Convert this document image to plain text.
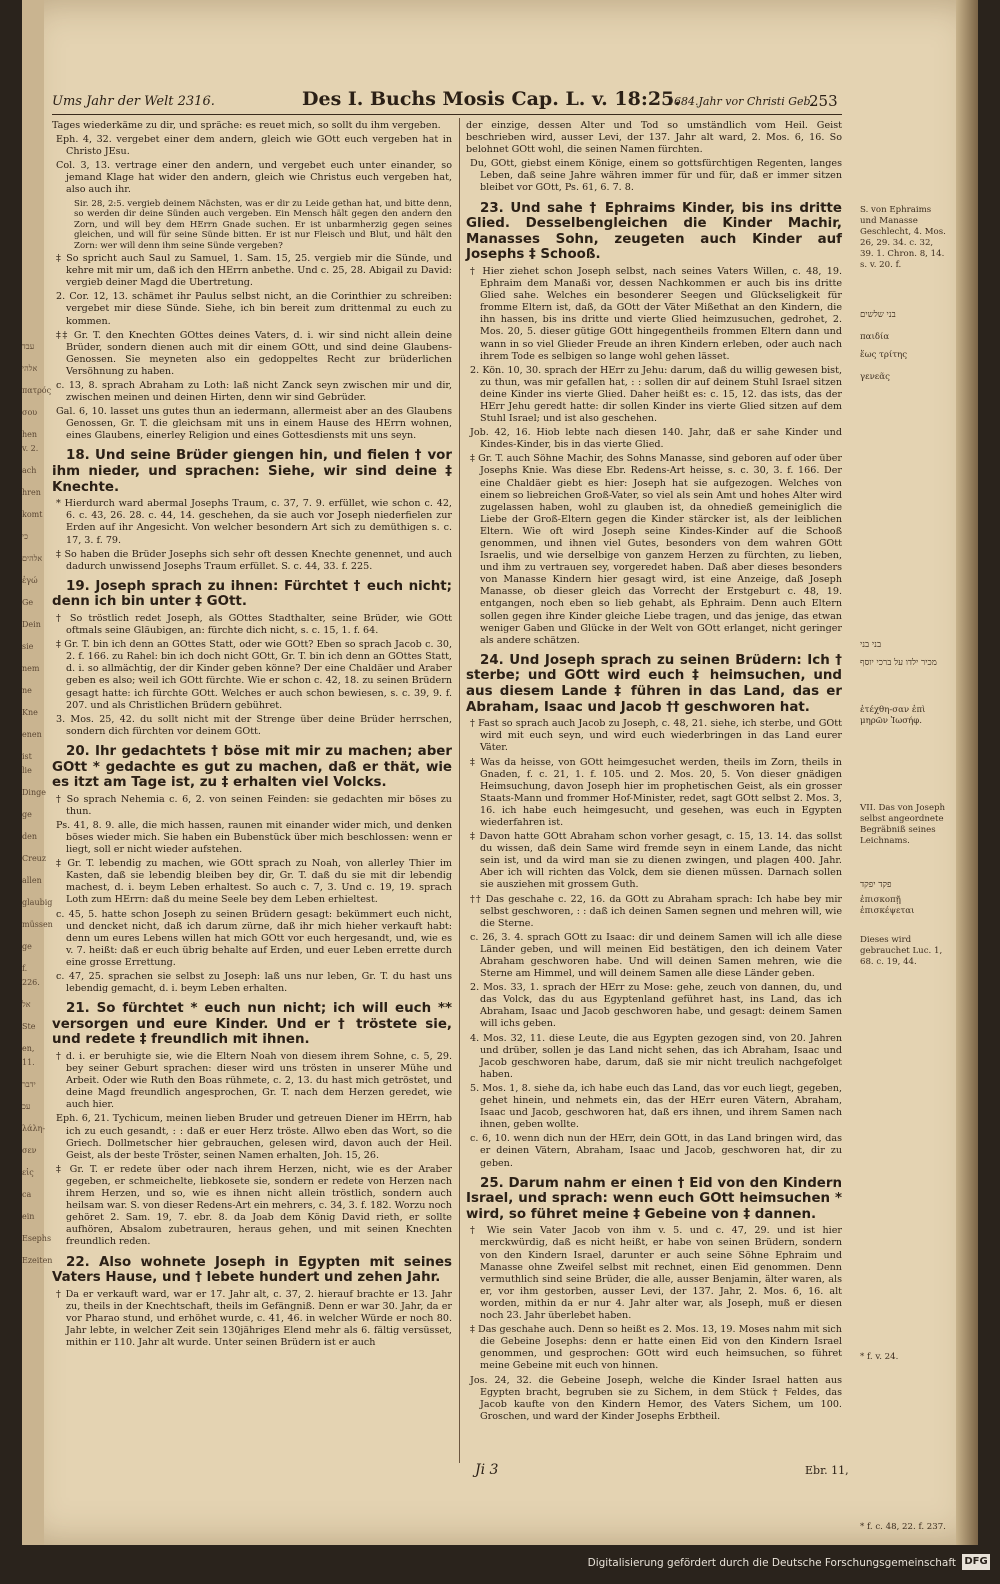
עבד
אלהי
πατρός
σου
hen v. 2.
ach
hren
komt
כי
אלהים
ἐγώ
Ge
Dein
sie
nem
ne
Kne
enen
ist lie
Dinge
ge
den
Creuz
allen
glaubig
müssen
ge
f. 226.
אל
Ste
en, 11.
ידבר
עכ
λάλη-
σεν
εἰς
ca
ein
Esephs
Ezeiten
Ums Jahr der Welt 2316.	Des I. Buchs Mosis Cap. L. v. 18:25.
1684.Jahr vor Christi Geb.
253

Tages wiederkäme zu dir, und spräche: es reuet mich, so sollt du ihm vergeben.

Eph. 4, 32. vergebet einer dem andern, gleich wie GOtt euch vergeben hat in Christo JEsu.

Col. 3, 13. vertrage einer den andern, und vergebet euch unter einander, so jemand Klage hat wider den andern, gleich wie Christus euch vergeben hat, also auch ihr.

Sir. 28, 2:5. vergieb deinem Nächsten, was er dir zu Leide gethan hat, und bitte denn, so werden dir deine Sünden auch vergeben. Ein Mensch hält gegen den andern den Zorn, und will bey dem HErrn Gnade suchen. Er ist unbarmherzig gegen seines gleichen, und will für seine Sünde bitten. Er ist nur Fleisch und Blut, und hält den Zorn: wer will denn ihm seine Sünde vergeben?

‡ So spricht auch Saul zu Samuel, 1. Sam. 15, 25. vergieb mir die Sünde, und kehre mit mir um, daß ich den HErrn anbethe. Und c. 25, 28. Abigail zu David: vergieb deiner Magd die Ubertretung.

2. Cor. 12, 13. schämet ihr Paulus selbst nicht, an die Corinthier zu schreiben: vergebet mir diese Sünde. Siehe, ich bin bereit zum drittenmal zu euch zu kommen.

‡‡ Gr. T. den Knechten GOttes deines Vaters, d. i. wir sind nicht allein deine Brüder, sondern dienen auch mit dir einem GOtt, und sind deine Glaubens-Genossen. Sie meyneten also ein gedoppeltes Recht zur brüderlichen Versöhnung zu haben.

c. 13, 8. sprach Abraham zu Loth: laß nicht Zanck seyn zwischen mir und dir, zwischen meinen und deinen Hirten, denn wir sind Gebrüder.

Gal. 6, 10. lasset uns gutes thun an iedermann, allermeist aber an des Glaubens Genossen, Gr. T. die gleichsam mit uns in einem Hause des HErrn wohnen, eines Glaubens, einerley Religion und eines Gottesdiensts mit uns seyn.

18. Und seine Brüder giengen hin, und fielen † vor ihm nieder, und sprachen: Siehe, wir sind deine ‡ Knechte.

* Hierdurch ward abermal Josephs Traum, c. 37, 7. 9. erfüllet, wie schon c. 42, 6. c. 43, 26. 28. c. 44, 14. geschehen, da sie auch vor Joseph niederfielen zur Erden auf ihr Angesicht. Von welcher besondern Art sich zu demüthigen s. c. 17, 3. f. 79.

‡ So haben die Brüder Josephs sich sehr oft dessen Knechte genennet, und auch dadurch unwissend Josephs Traum erfüllet. S. c. 44, 33. f. 225.

19. Joseph sprach zu ihnen: Fürchtet † euch nicht; denn ich bin unter ‡ GOtt.

† So tröstlich redet Joseph, als GOttes Stadthalter, seine Brüder, wie GOtt oftmals seine Gläubigen, an: fürchte dich nicht, s. c. 15, 1. f. 64.

‡ Gr. T. bin ich denn an GOttes Statt, oder wie GOtt? Eben so sprach Jacob c. 30, 2. f. 166. zu Rahel: bin ich doch nicht GOtt, Gr. T. bin ich denn an GOttes Statt, d. i. so allmächtig, der dir Kinder geben könne? Der eine Chaldäer und Araber geben es also; weil ich GOtt fürchte. Wie er schon c. 42, 18. zu seinen Brüdern gesagt hatte: ich fürchte GOtt. Welches er auch schon bewiesen, s. c. 39, 9. f. 207. und als Christlichen Brüdern gebühret.

3. Mos. 25, 42. du sollt nicht mit der Strenge über deine Brüder herrschen, sondern dich fürchten vor deinem GOtt.

20. Ihr gedachtets † böse mit mir zu machen; aber GOtt * gedachte es gut zu machen, daß er thät, wie es itzt am Tage ist, zu ‡ erhalten viel Volcks.

† So sprach Nehemia c. 6, 2. von seinen Feinden: sie gedachten mir böses zu thun.

Ps. 41, 8. 9. alle, die mich hassen, raunen mit einander wider mich, und denken böses wieder mich. Sie haben ein Bubenstück über mich beschlossen: wenn er liegt, soll er nicht wieder aufstehen.

‡ Gr. T. lebendig zu machen, wie GOtt sprach zu Noah, von allerley Thier im Kasten, daß sie lebendig bleiben bey dir, Gr. T. daß du sie mit dir lebendig machest, d. i. beym Leben erhaltest. So auch c. 7, 3. Und c. 19, 19. sprach Loth zum HErrn: daß du meine Seele bey dem Leben erhieltest.

c. 45, 5. hatte schon Joseph zu seinen Brüdern gesagt: bekümmert euch nicht, und dencket nicht, daß ich darum zürne, daß ihr mich hieher verkauft habt: denn um eures Lebens willen hat mich GOtt vor euch hergesandt, und, wie es v. 7. heißt: daß er euch übrig behalte auf Erden, und euer Leben errette durch eine grosse Errettung.

c. 47, 25. sprachen sie selbst zu Joseph: laß uns nur leben, Gr. T. du hast uns lebendig gemacht, d. i. beym Leben erhalten.

21. So fürchtet * euch nun nicht; ich will euch ** versorgen und eure Kinder. Und er † tröstete sie, und redete ‡ freundlich mit ihnen.

† d. i. er beruhigte sie, wie die Eltern Noah von diesem ihrem Sohne, c. 5, 29. bey seiner Geburt sprachen: dieser wird uns trösten in unserer Mühe und Arbeit. Oder wie Ruth den Boas rühmete, c. 2, 13. du hast mich getröstet, und deine Magd freundlich angesprochen, Gr. T. nach dem Herzen geredet, wie auch hier.

Eph. 6, 21. Tychicum, meinen lieben Bruder und getreuen Diener im HErrn, hab ich zu euch gesandt, : : daß er euer Herz tröste. Allwo eben das Wort, so die Griech. Dollmetscher hier gebrauchen, gelesen wird, davon auch der Heil. Geist, als der beste Tröster, seinen Namen erhalten, Joh. 15, 26.

‡ Gr. T. er redete über oder nach ihrem Herzen, nicht, wie es der Araber gegeben, er schmeichelte, liebkosete sie, sondern er redete von Herzen nach ihrem Herzen, und so, wie es ihnen nicht allein tröstlich, sondern auch heilsam war. S. von dieser Redens-Art ein mehrers, c. 34, 3. f. 182. Worzu noch gehöret 2. Sam. 19, 7. ebr. 8. da Joab dem König David rieth, er sollte aufhören, Absalom zubetrauren, heraus gehen, und mit seinen Knechten freundlich reden.

22. Also wohnete Joseph in Egypten mit seines Vaters Hause, und † lebete hundert und zehen Jahr.

† Da er verkauft ward, war er 17. Jahr alt, c. 37, 2. hierauf brachte er 13. Jahr zu, theils in der Knechtschaft, theils im Gefängniß. Denn er war 30. Jahr, da er vor Pharao stund, und erhöhet wurde, c. 41, 46. in welcher Würde er noch 80. Jahr lebte, in welcher Zeit sein 130jähriges Elend mehr als 6. fältig versüsset, mithin er 110. Jahr alt wurde. Unter seinen Brüdern ist er auch

der einzige, dessen Alter und Tod so umständlich vom Heil. Geist beschrieben wird, ausser Levi, der 137. Jahr alt ward, 2. Mos. 6, 16. So belohnet GOtt wohl, die seinen Namen fürchten.

Du, GOtt, giebst einem Könige, einem so gottsfürchtigen Regenten, langes Leben, daß seine Jahre währen immer für und für, daß er immer sitzen bleibet vor GOtt, Ps. 61, 6. 7. 8.

23. Und sahe † Ephraims Kinder, bis ins dritte Glied. Desselbengleichen die Kinder Machir, Manasses Sohn, zeugeten auch Kinder auf Josephs ‡ Schooß.

† Hier ziehet schon Joseph selbst, nach seines Vaters Willen, c. 48, 19. Ephraim dem Manaßi vor, dessen Nachkommen er auch bis ins dritte Glied sahe. Welches ein besonderer Seegen und Glückseligkeit für fromme Eltern ist, daß, da GOtt der Väter Mißethat an den Kindern, die ihn hassen, bis ins dritte und vierte Glied heimzusuchen, gedrohet, 2. Mos. 20, 5. dieser gütige GOtt hingegentheils frommen Eltern dann und wann in so viel Glieder Freude an ihren Kindern erleben, oder auch nach ihrem Tode es selbigen so lange wohl gehen lässet.

2. Kön. 10, 30. sprach der HErr zu Jehu: darum, daß du willig gewesen bist, zu thun, was mir gefallen hat, : : sollen dir auf deinem Stuhl Israel sitzen deine Kinder ins vierte Glied. Daher heißt es: c. 15, 12. das ists, das der HErr Jehu geredt hatte: dir sollen Kinder ins vierte Glied sitzen auf dem Stuhl Israel; und ist also geschehen.

Job. 42, 16. Hiob lebte nach diesen 140. Jahr, daß er sahe Kinder und Kindes-Kinder, bis in das vierte Glied.

‡ Gr. T. auch Söhne Machir, des Sohns Manasse, sind geboren auf oder über Josephs Knie. Was diese Ebr. Redens-Art heisse, s. c. 30, 3. f. 166. Der eine Chaldäer giebt es hier: Joseph hat sie aufgezogen. Welches von einem so liebreichen Groß-Vater, so viel als sein Amt und hohes Alter wird zugelassen haben, wohl zu glauben ist, da ohnedieß gemeiniglich die Liebe der Groß-Eltern gegen die Kinder stärcker ist, als der leiblichen Eltern. Wie oft wird Joseph seine Kindes-Kinder auf die Schooß genommen, und ihnen viel Gutes, besonders von dem wahren GOtt Israelis, und wie derselbige von ganzem Herzen zu fürchten, zu lieben, und ihm zu vertrauen sey, vorgeredet haben. Daß aber dieses besonders von Manasse Kindern hier gesagt wird, ist eine Anzeige, daß Joseph Manasse, ob dieser gleich das Vorrecht der Erstgeburt c. 48, 19. entgangen, noch eben so lieb gehabt, als Ephraim. Denn auch Eltern sollen gegen ihre Kinder gleiche Liebe tragen, und das jenige, das etwan weniger Gaben und Glücke in der Welt von GOtt erlanget, nicht geringer als andere schätzen.

24. Und Joseph sprach zu seinen Brüdern: Ich † sterbe; und GOtt wird euch ‡ heimsuchen, und aus diesem Lande ‡ führen in das Land, das er Abraham, Isaac und Jacob †† geschworen hat.

† Fast so sprach auch Jacob zu Joseph, c. 48, 21. siehe, ich sterbe, und GOtt wird mit euch seyn, und wird euch wiederbringen in das Land eurer Väter.

‡ Was da heisse, von GOtt heimgesuchet werden, theils im Zorn, theils in Gnaden, f. c. 21, 1. f. 105. und 2. Mos. 20, 5. Von dieser gnädigen Heimsuchung, davon Joseph hier im prophetischen Geist, als ein grosser Staats-Mann und frommer Hof-Minister, redet, sagt GOtt selbst 2. Mos. 3, 16. ich habe euch heimgesucht, und gesehen, was euch in Egypten wiederfahren ist.

‡ Davon hatte GOtt Abraham schon vorher gesagt, c. 15, 13. 14. das sollst du wissen, daß dein Same wird fremde seyn in einem Lande, das nicht sein ist, und da wird man sie zu dienen zwingen, und plagen 400. Jahr. Aber ich will richten das Volck, dem sie dienen müssen. Darnach sollen sie ausziehen mit grossem Guth.

†† Das geschahe c. 22, 16. da GOtt zu Abraham sprach: Ich habe bey mir selbst geschworen, : : daß ich deinen Samen segnen und mehren will, wie die Sterne.

c. 26, 3. 4. sprach GOtt zu Isaac: dir und deinem Samen will ich alle diese Länder geben, und will meinen Eid bestätigen, den ich deinem Vater Abraham geschworen habe. Und will deinen Samen mehren, wie die Sterne am Himmel, und will deinem Samen alle diese Länder geben.

2. Mos. 33, 1. sprach der HErr zu Mose: gehe, zeuch von dannen, du, und das Volck, das du aus Egyptenland geführet hast, ins Land, das ich Abraham, Isaac und Jacob geschworen habe, und gesagt: deinem Samen will ichs geben.

4. Mos. 32, 11. diese Leute, die aus Egypten gezogen sind, von 20. Jahren und drüber, sollen je das Land nicht sehen, das ich Abraham, Isaac und Jacob geschworen habe, darum, daß sie mir nicht treulich nachgefolget haben.

5. Mos. 1, 8. siehe da, ich habe euch das Land, das vor euch liegt, gegeben, gehet hinein, und nehmets ein, das der HErr euren Vätern, Abraham, Isaac und Jacob, geschworen hat, daß ers ihnen, und ihrem Samen nach ihnen, geben wollte.

c. 6, 10. wenn dich nun der HErr, dein GOtt, in das Land bringen wird, das er deinen Vätern, Abraham, Isaac und Jacob, geschworen hat, dir zu geben.

25. Darum nahm er einen † Eid von den Kindern Israel, und sprach: wenn euch GOtt heimsuchen * wird, so führet meine ‡ Gebeine von ‡ dannen.

† Wie sein Vater Jacob von ihm v. 5. und c. 47, 29. und ist hier merckwürdig, daß es nicht heißt, er habe von seinen Brüdern, sondern von den Kindern Israel, darunter er auch seine Söhne Ephraim und Manasse ohne Zweifel selbst mit rechnet, einen Eid genommen. Denn vermuthlich sind seine Brüder, die alle, ausser Benjamin, älter waren, als er, vor ihm gestorben, ausser Levi, der 137. Jahr, 2. Mos. 6, 16. alt worden, mithin da er nur 4. Jahr alter war, als Joseph, muß er diesen noch 23. Jahr überlebet haben.

‡ Das geschahe auch. Denn so heißt es 2. Mos. 13, 19. Moses nahm mit sich die Gebeine Josephs: denn er hatte einen Eid von den Kindern Israel genommen, und gesprochen: GOtt wird euch heimsuchen, so führet meine Gebeine mit euch von hinnen.

Jos. 24, 32. die Gebeine Joseph, welche die Kinder Israel hatten aus Egypten bracht, begruben sie zu Sichem, in dem Stück † Feldes, das Jacob kaufte von den Kindern Hemor, des Vaters Sichem, um 100. Groschen, und ward der Kinder Josephs Erbtheil.

S. von Ephraims und Manasse Geschlecht, 4. Mos. 26, 29. 34. c. 32, 39. 1. Chron. 8, 14. s. v. 20. f.
בני שלשים
παιδία
ἕως τρίτης
γενεᾶς
בני בני
מכיר ילדו על ברכי יוסף
ἐτέχθη-σαν ἐπὶ μηρῶν Ἰωσήφ.
VII. Das von Joseph selbst angeordnete Begräbniß seines Leichnams.
פקד יפקד
ἐπισκοπῇ ἐπισκέψεται
Dieses wird gebrauchet Luc. 1, 68. c. 19, 44.
* f. v. 24.
* f. c. 48, 22. f. 237.
Ji 3	Ebr. 11,
Digitalisierung gefördert durch die Deutsche Forschungsgemeinschaft DFG
